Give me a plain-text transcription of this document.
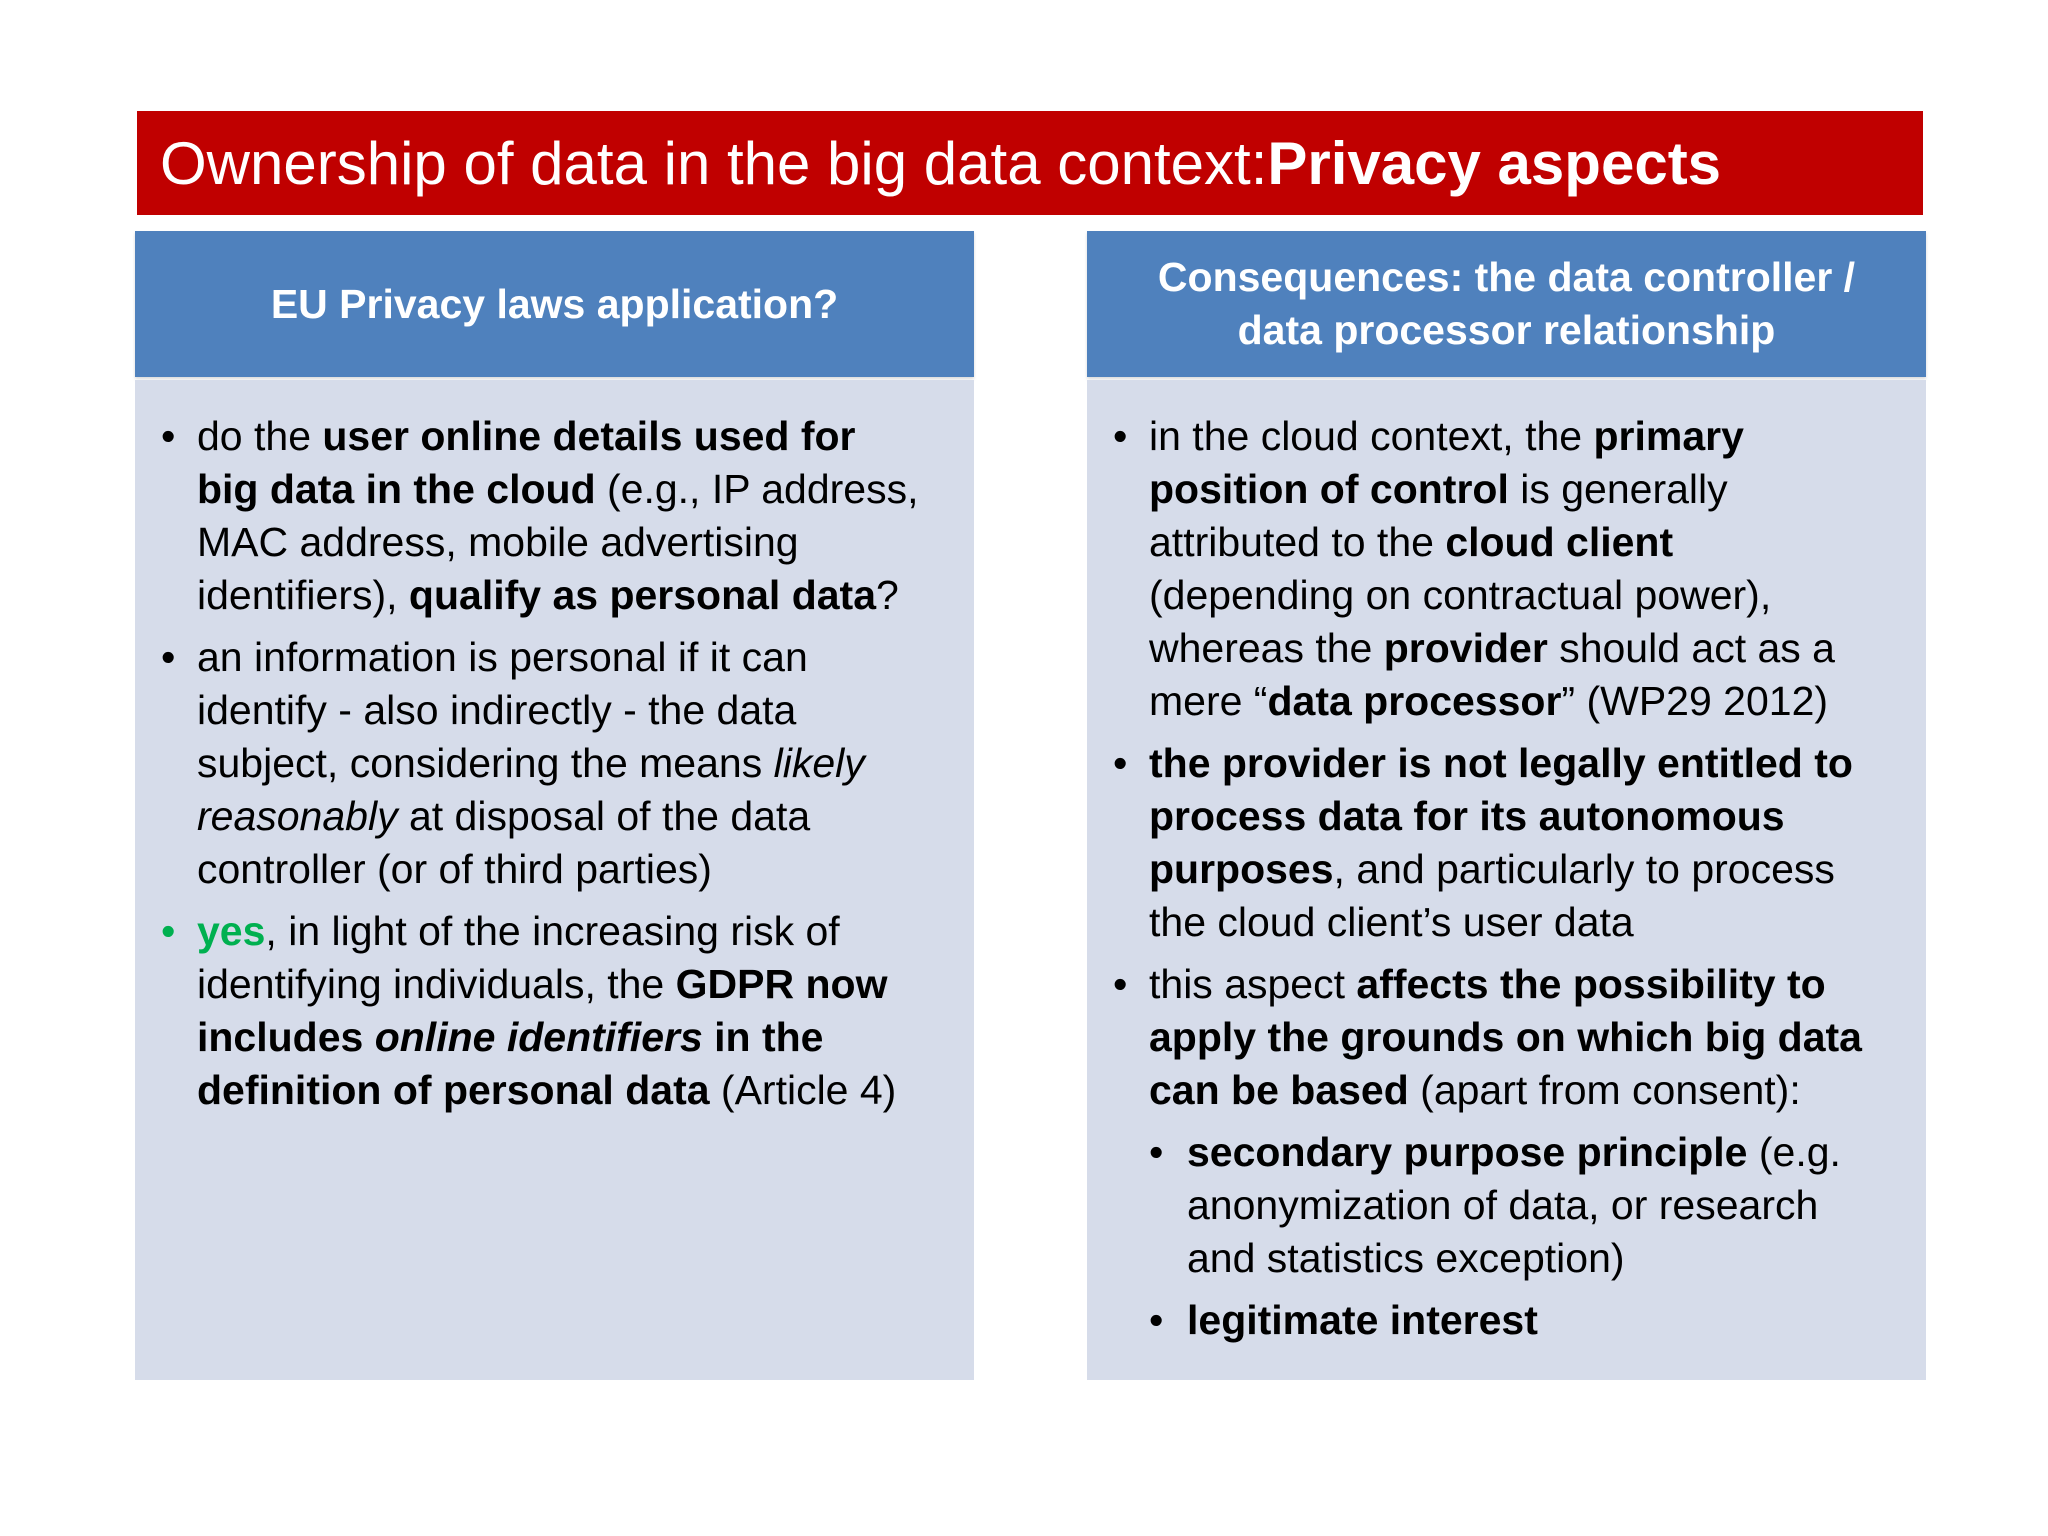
Ownership of data in the big data context: Privacy aspects
EU Privacy laws application?
• do the user online details used for
big data in the cloud (e.g., IP address,
MAC address, mobile advertising
identifiers), qualify as personal data?
• an information is personal if it can
identify - also indirectly - the data
subject, considering the means likely
reasonably at disposal of the data
controller (or of third parties)
• yes, in light of the increasing risk of
identifying individuals, the GDPR now
includes online identifiers in the
definition of personal data (Article 4)
Consequences: the data controller /
data processor relationship
• in the cloud context, the primary
position of control is generally
attributed to the cloud client
(depending on contractual power),
whereas the provider should act as a
mere “data processor” (WP29 2012)
• the provider is not legally entitled to
process data for its autonomous
purposes, and particularly to process
the cloud client’s user data
• this aspect affects the possibility to
apply the grounds on which big data
can be based (apart from consent):
• secondary purpose principle (e.g.
anonymization of data, or research
and statistics exception)
• legitimate interest
